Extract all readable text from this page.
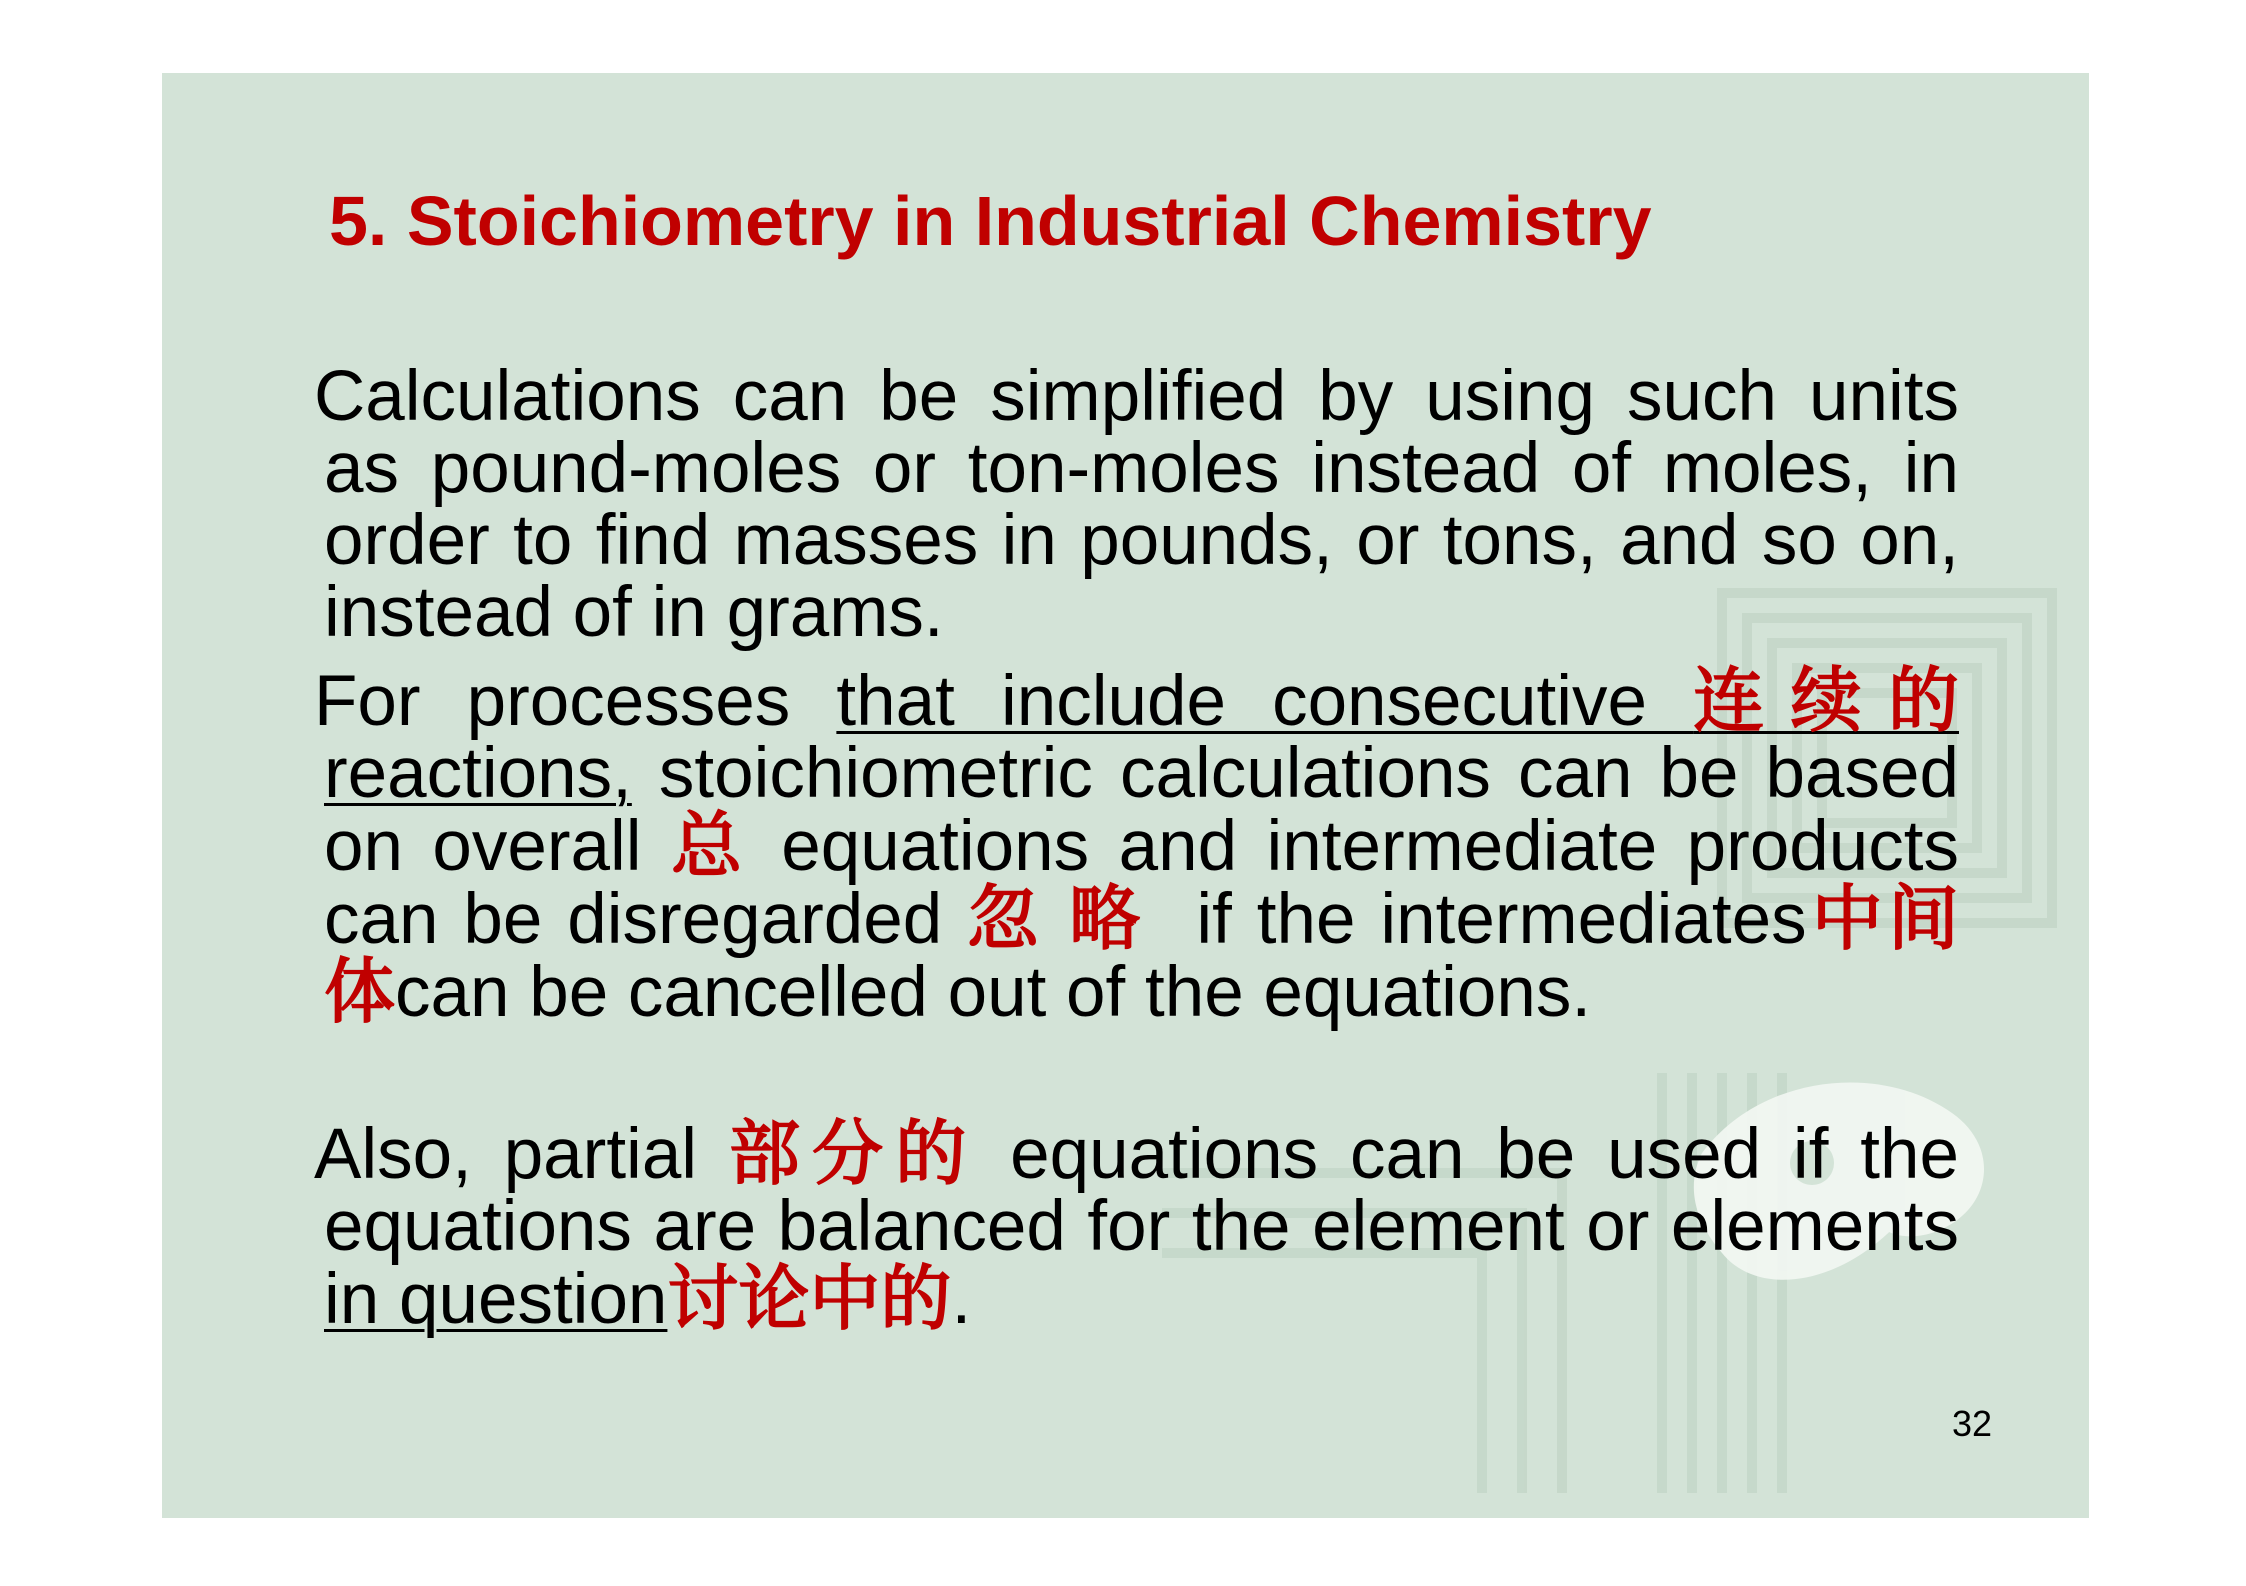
5. Stoichiometry in Industrial Chemistry

Calculations can be simplified by using such units as pound-moles or ton-moles instead of moles, in order to find masses in pounds, or tons, and so on, instead of in grams.

For processes that include consecutive 连续的 reactions, stoichiometric calculations can be based on overall 总 equations and intermediate products can be disregarded 忽略 if the intermediates中间体can be cancelled out of the equations.

Also, partial 部分的 equations can be used if the equations are balanced for the element or elements in question讨论中的.

32
